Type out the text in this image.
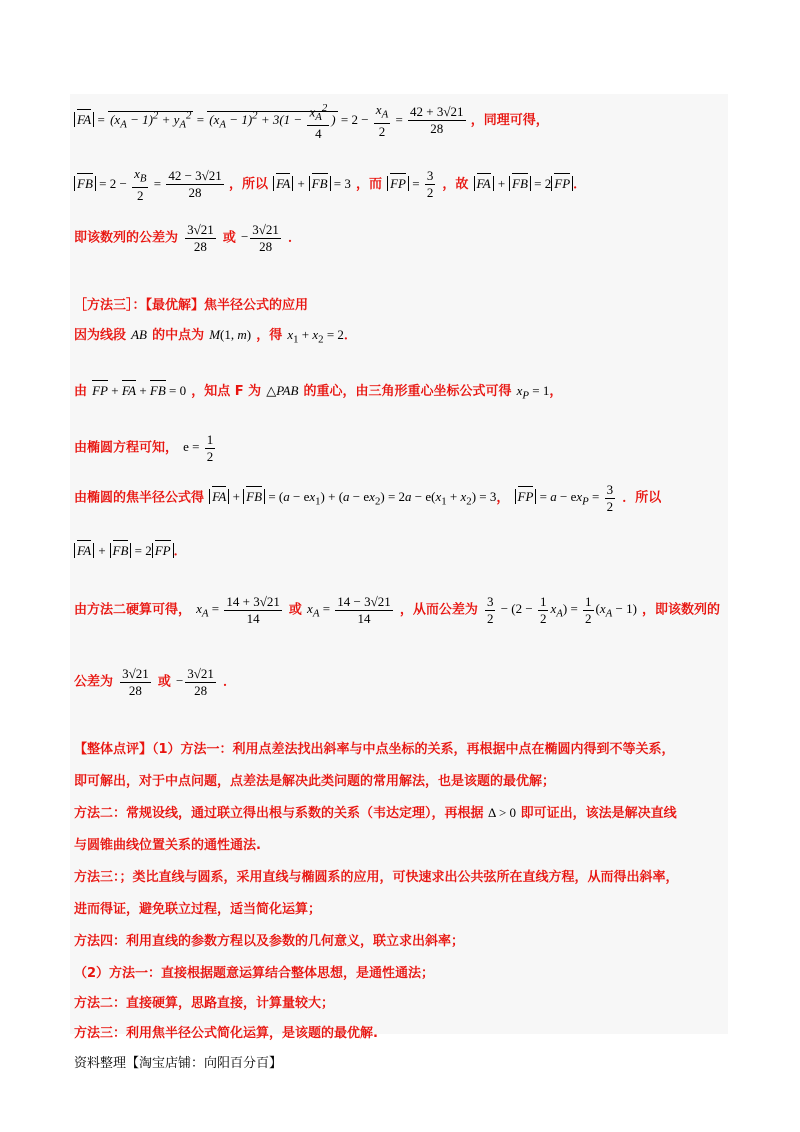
FA = $(x_A - 1)^2 + y_A^2 = (x_A - 1)^2 + 3(1 - \frac{x_A^2}{4}$ ) = $2 - \frac{x_A}{2} = \frac{42 + 3√21}{28}$ ，同理可得，
FB = $2 - \frac{x_B}{2} = \frac{42 - 3√21}{28}$ ，所以 FA + FB = 3 ，而 FP = $\frac{3}{2}$ ，故 FA + FB = 2 FP ．
即该数列的公差为 $\frac{3√21}{28}$ 或 − $\frac{3√21}{28}$ ．
［方法三］：【最优解】焦半径公式的应用
因为线段 AB 的中点为 M(1, m) ，得 $x_1 + x_2 = 2$．
由 FP + FA + FB = 0 ，知点 F 为 △PAB 的重心，由三角形重心坐标公式可得 $x_P = 1$，
由椭圆方程可知， $e = \frac{1}{2}$
由椭圆的焦半径公式得 FA + FB = $(a - ex_1) + (a - ex_2) = 2a - e(x_1 + x_2) = 3$， FP = $a - ex_P = \frac{3}{2}$ ．所以
FA + FB = 2 FP ．
由方法二硬算可得， $x_A = \frac{14 + 3√21}{14}$ 或 $x_A = \frac{14 - 3√21}{14}$ ，从而公差为 $\frac{3}{2} - (2 - \frac{1}{2} x_A) = \frac{1}{2} (x_A - 1)$ ，即该数列的
公差为 $\frac{3√21}{28}$ 或 − $\frac{3√21}{28}$ ．
【整体点评】（1）方法一：利用点差法找出斜率与中点坐标的关系，再根据中点在椭圆内得到不等关系，
即可解出，对于中点问题，点差法是解决此类问题的常用解法，也是该题的最优解；
方法二：常规设线，通过联立得出根与系数的关系（韦达定理），再根据 Δ > 0 即可证出，该法是解决直线
与圆锥曲线位置关系的通性通法.
方法三：；类比直线与圆系，采用直线与椭圆系的应用，可快速求出公共弦所在直线方程，从而得出斜率，
进而得证，避免联立过程，适当简化运算；
方法四：利用直线的参数方程以及参数的几何意义，联立求出斜率；
（2）方法一：直接根据题意运算结合整体思想，是通性通法；
方法二：直接硬算，思路直接，计算量较大；
方法三：利用焦半径公式简化运算，是该题的最优解.
资料整理【淘宝店铺：向阳百分百】
